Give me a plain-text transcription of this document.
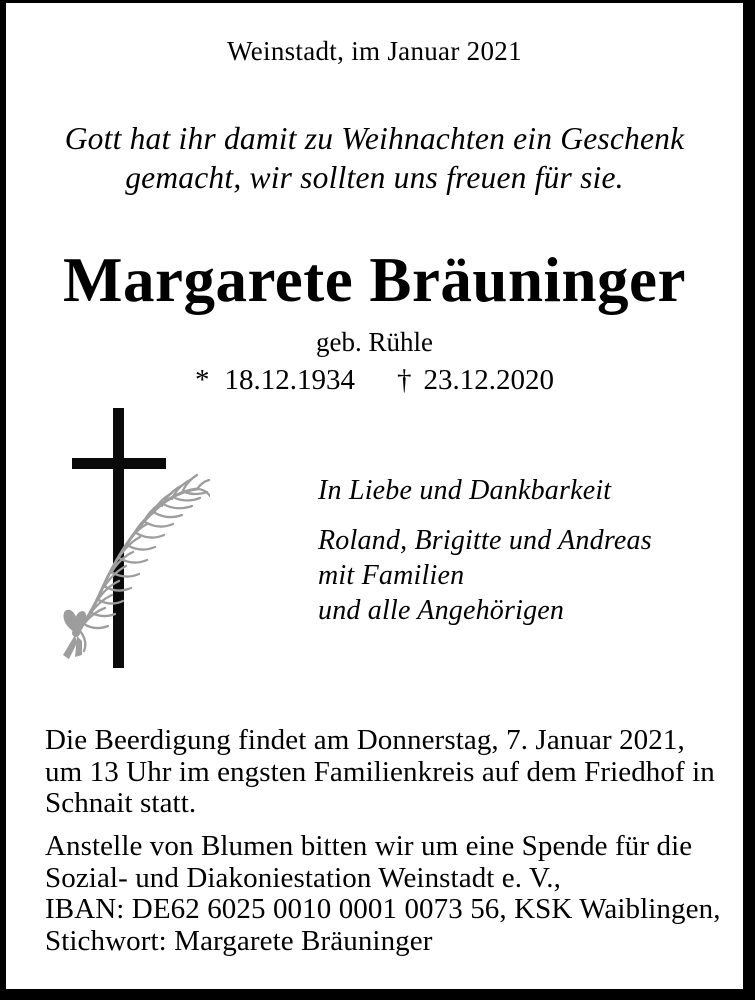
Weinstadt, im Januar 2021
Gott hat ihr damit zu Weihnachten ein Geschenk
gemacht, wir sollten uns freuen für sie.
Margarete Bräuninger
geb. Rühle
* 18.12.1934 † 23.12.2020
In Liebe und Dankbarkeit
Roland, Brigitte und Andreas
mit Familien
und alle Angehörigen
Die Beerdigung findet am Donnerstag, 7. Januar 2021,
um 13 Uhr im engsten Familienkreis auf dem Friedhof in
Schnait statt.
Anstelle von Blumen bitten wir um eine Spende für die
Sozial- und Diakoniestation Weinstadt e. V.,
IBAN: DE62 6025 0010 0001 0073 56, KSK Waiblingen,
Stichwort: Margarete Bräuninger
